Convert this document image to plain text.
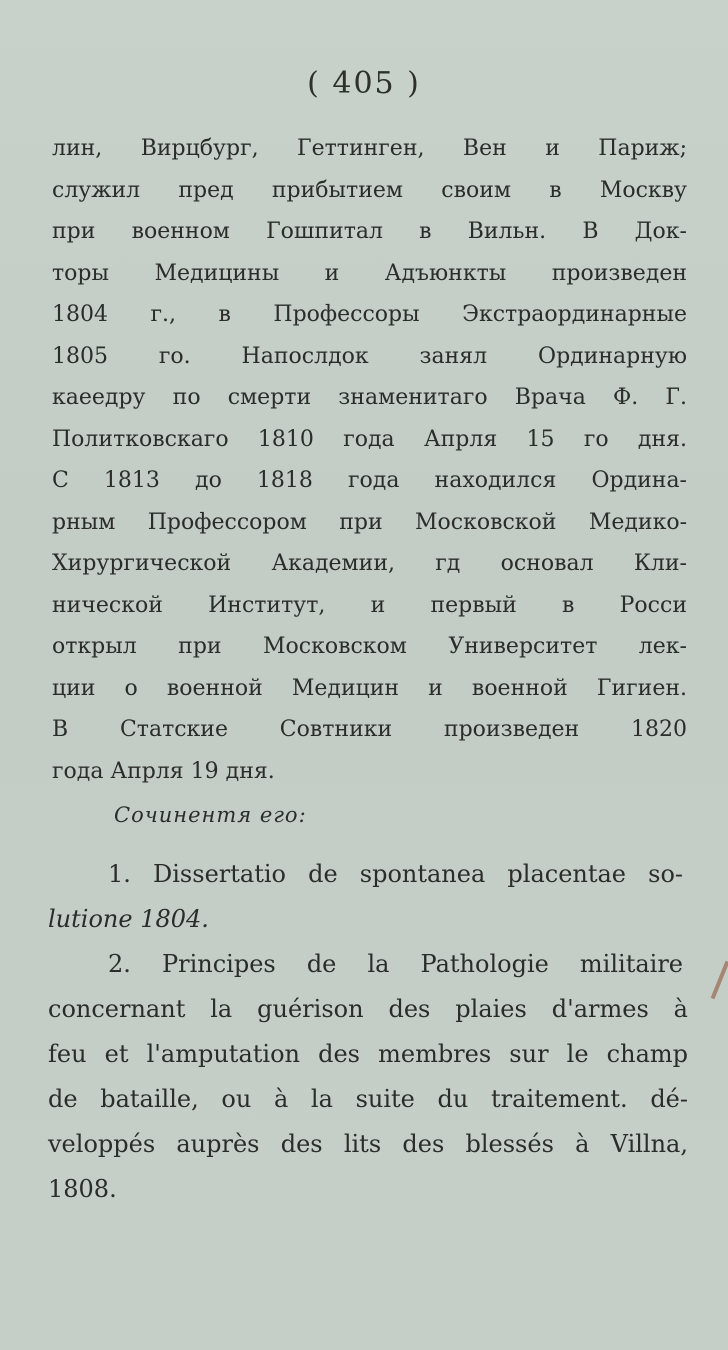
( 405 )
лин, Вирцбург, Геттинген, Вен и Париж;
служил пред прибытием своим в Москву
при военном Гошпитал в Вильн. В Док-
торы Медицины и Адъюнкты произведен
1804 г., в Профессоры Экстраординарные
1805 го. Напослдок занял Ординарную
каеедру по смерти знаменитаго Врача Ф. Г.
Политковскаго 1810 года Апрля 15 го дня.
С 1813 до 1818 года находился Ордина-
рным Профессором при Московской Медико-
Хирургической Академии, гд основал Кли-
нической Институт, и первый в Росси
открыл при Московском Университет лек-
ции о военной Медицин и военной Гигиен.
В Статские Совтники произведен 1820
года Апрля 19 дня.
Сочинентя его:
1. Dissertatio de spontanea placentae so-
lutione 1804.
2. Principes de la Pathologie militaire
concernant la guérison des plaies d'armes à
feu et l'amputation des membres sur le champ
de bataille, ou à la suite du traitement. dé-
veloppés auprès des lits des blessés à Villna,
1808.
